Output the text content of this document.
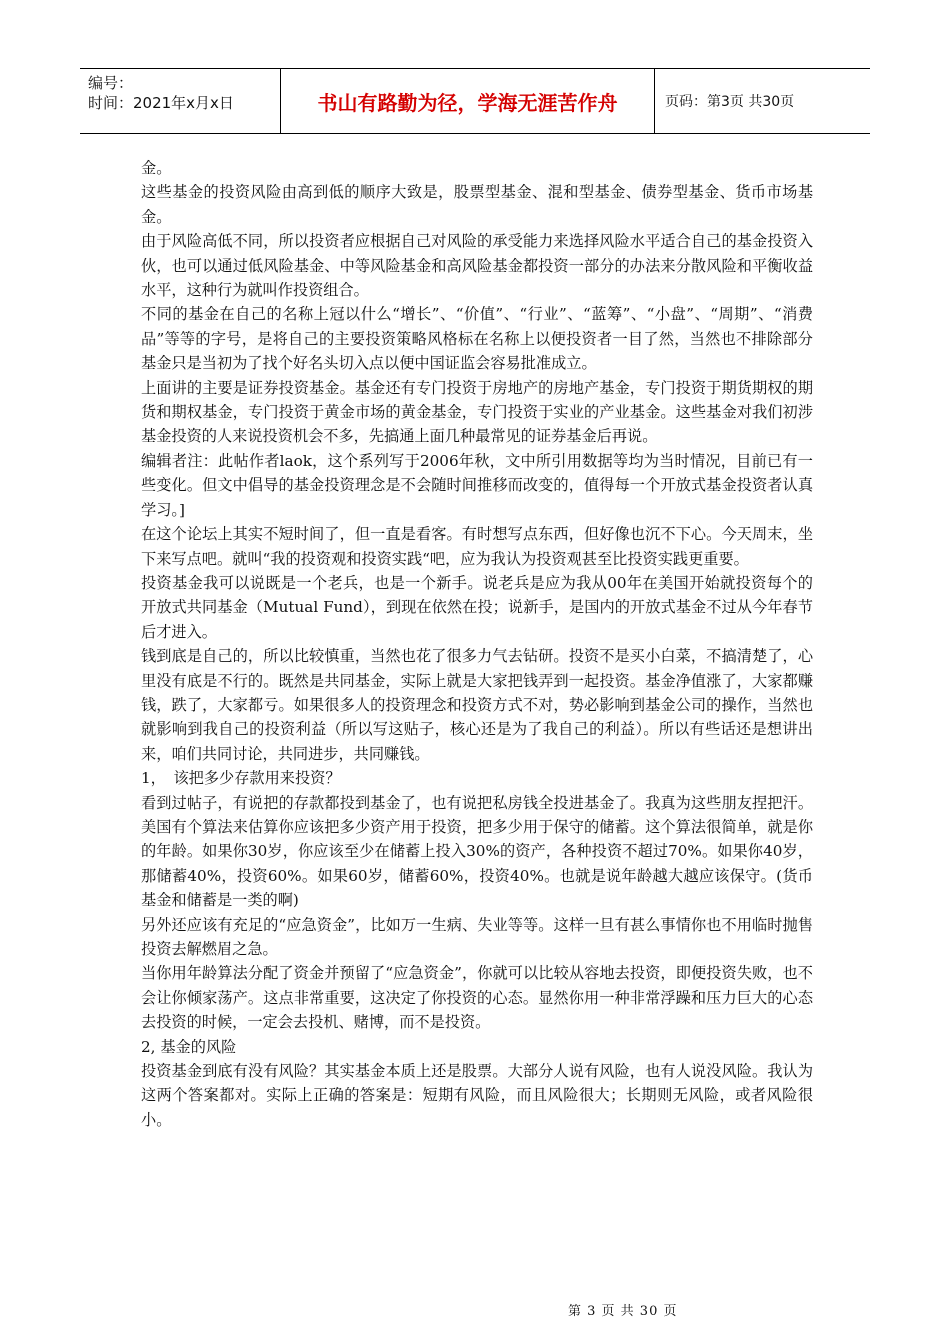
编号：
时间：2021年x月x日	书山有路勤为径，学海无涯苦作舟	页码：第3页 共30页

金。

这些基金的投资风险由高到低的顺序大致是，股票型基金、混和型基金、债券型基金、货币市场基金。

由于风险高低不同，所以投资者应根据自己对风险的承受能力来选择风险水平适合自己的基金投资入伙，也可以通过低风险基金、中等风险基金和高风险基金都投资一部分的办法来分散风险和平衡收益水平，这种行为就叫作投资组合。

不同的基金在自己的名称上冠以什么“增长”、“价值”、“行业”、“蓝筹”、“小盘”、“周期”、“消费品”等等的字号，是将自己的主要投资策略风格标在名称上以便投资者一目了然，当然也不排除部分基金只是当初为了找个好名头切入点以便中国证监会容易批准成立。

上面讲的主要是证券投资基金。基金还有专门投资于房地产的房地产基金，专门投资于期货期权的期货和期权基金，专门投资于黄金市场的黄金基金，专门投资于实业的产业基金。这些基金对我们初涉基金投资的人来说投资机会不多，先搞通上面几种最常见的证券基金后再说。

编辑者注：此帖作者laok，这个系列写于2006年秋，文中所引用数据等均为当时情况，目前已有一些变化。但文中倡导的基金投资理念是不会随时间推移而改变的，值得每一个开放式基金投资者认真学习。]

在这个论坛上其实不短时间了，但一直是看客。有时想写点东西，但好像也沉不下心。今天周末，坐下来写点吧。就叫“我的投资观和投资实践“吧，应为我认为投资观甚至比投资实践更重要。

投资基金我可以说既是一个老兵，也是一个新手。说老兵是应为我从00年在美国开始就投资每个的开放式共同基金（Mutual Fund），到现在依然在投；说新手，是国内的开放式基金不过从今年春节后才进入。

钱到底是自己的，所以比较慎重，当然也花了很多力气去钻研。投资不是买小白菜，不搞清楚了，心里没有底是不行的。既然是共同基金，实际上就是大家把钱弄到一起投资。基金净值涨了，大家都赚钱，跌了，大家都亏。如果很多人的投资理念和投资方式不对，势必影响到基金公司的操作，当然也就影响到我自己的投资利益（所以写这贴子，核心还是为了我自己的利益）。所以有些话还是想讲出来，咱们共同讨论，共同进步，共同赚钱。

1，　该把多少存款用来投资？

看到过帖子，有说把的存款都投到基金了，也有说把私房钱全投进基金了。我真为这些朋友捏把汗。美国有个算法来估算你应该把多少资产用于投资，把多少用于保守的储蓄。这个算法很简单，就是你的年龄。如果你30岁，你应该至少在储蓄上投入30%的资产，各种投资不超过70%。如果你40岁，那储蓄40%，投资60%。如果60岁，储蓄60%，投资40%。也就是说年龄越大越应该保守。(货币基金和储蓄是一类的啊)

另外还应该有充足的“应急资金”，比如万一生病、失业等等。这样一旦有甚么事情你也不用临时抛售投资去解燃眉之急。

当你用年龄算法分配了资金并预留了“应急资金”，你就可以比较从容地去投资，即便投资失败，也不会让你倾家荡产。这点非常重要，这决定了你投资的心态。显然你用一种非常浮躁和压力巨大的心态去投资的时候，一定会去投机、赌博，而不是投资。

2, 基金的风险

投资基金到底有没有风险？其实基金本质上还是股票。大部分人说有风险，也有人说没风险。我认为这两个答案都对。实际上正确的答案是：短期有风险，而且风险很大；长期则无风险，或者风险很小。

第 3 页 共 30 页
